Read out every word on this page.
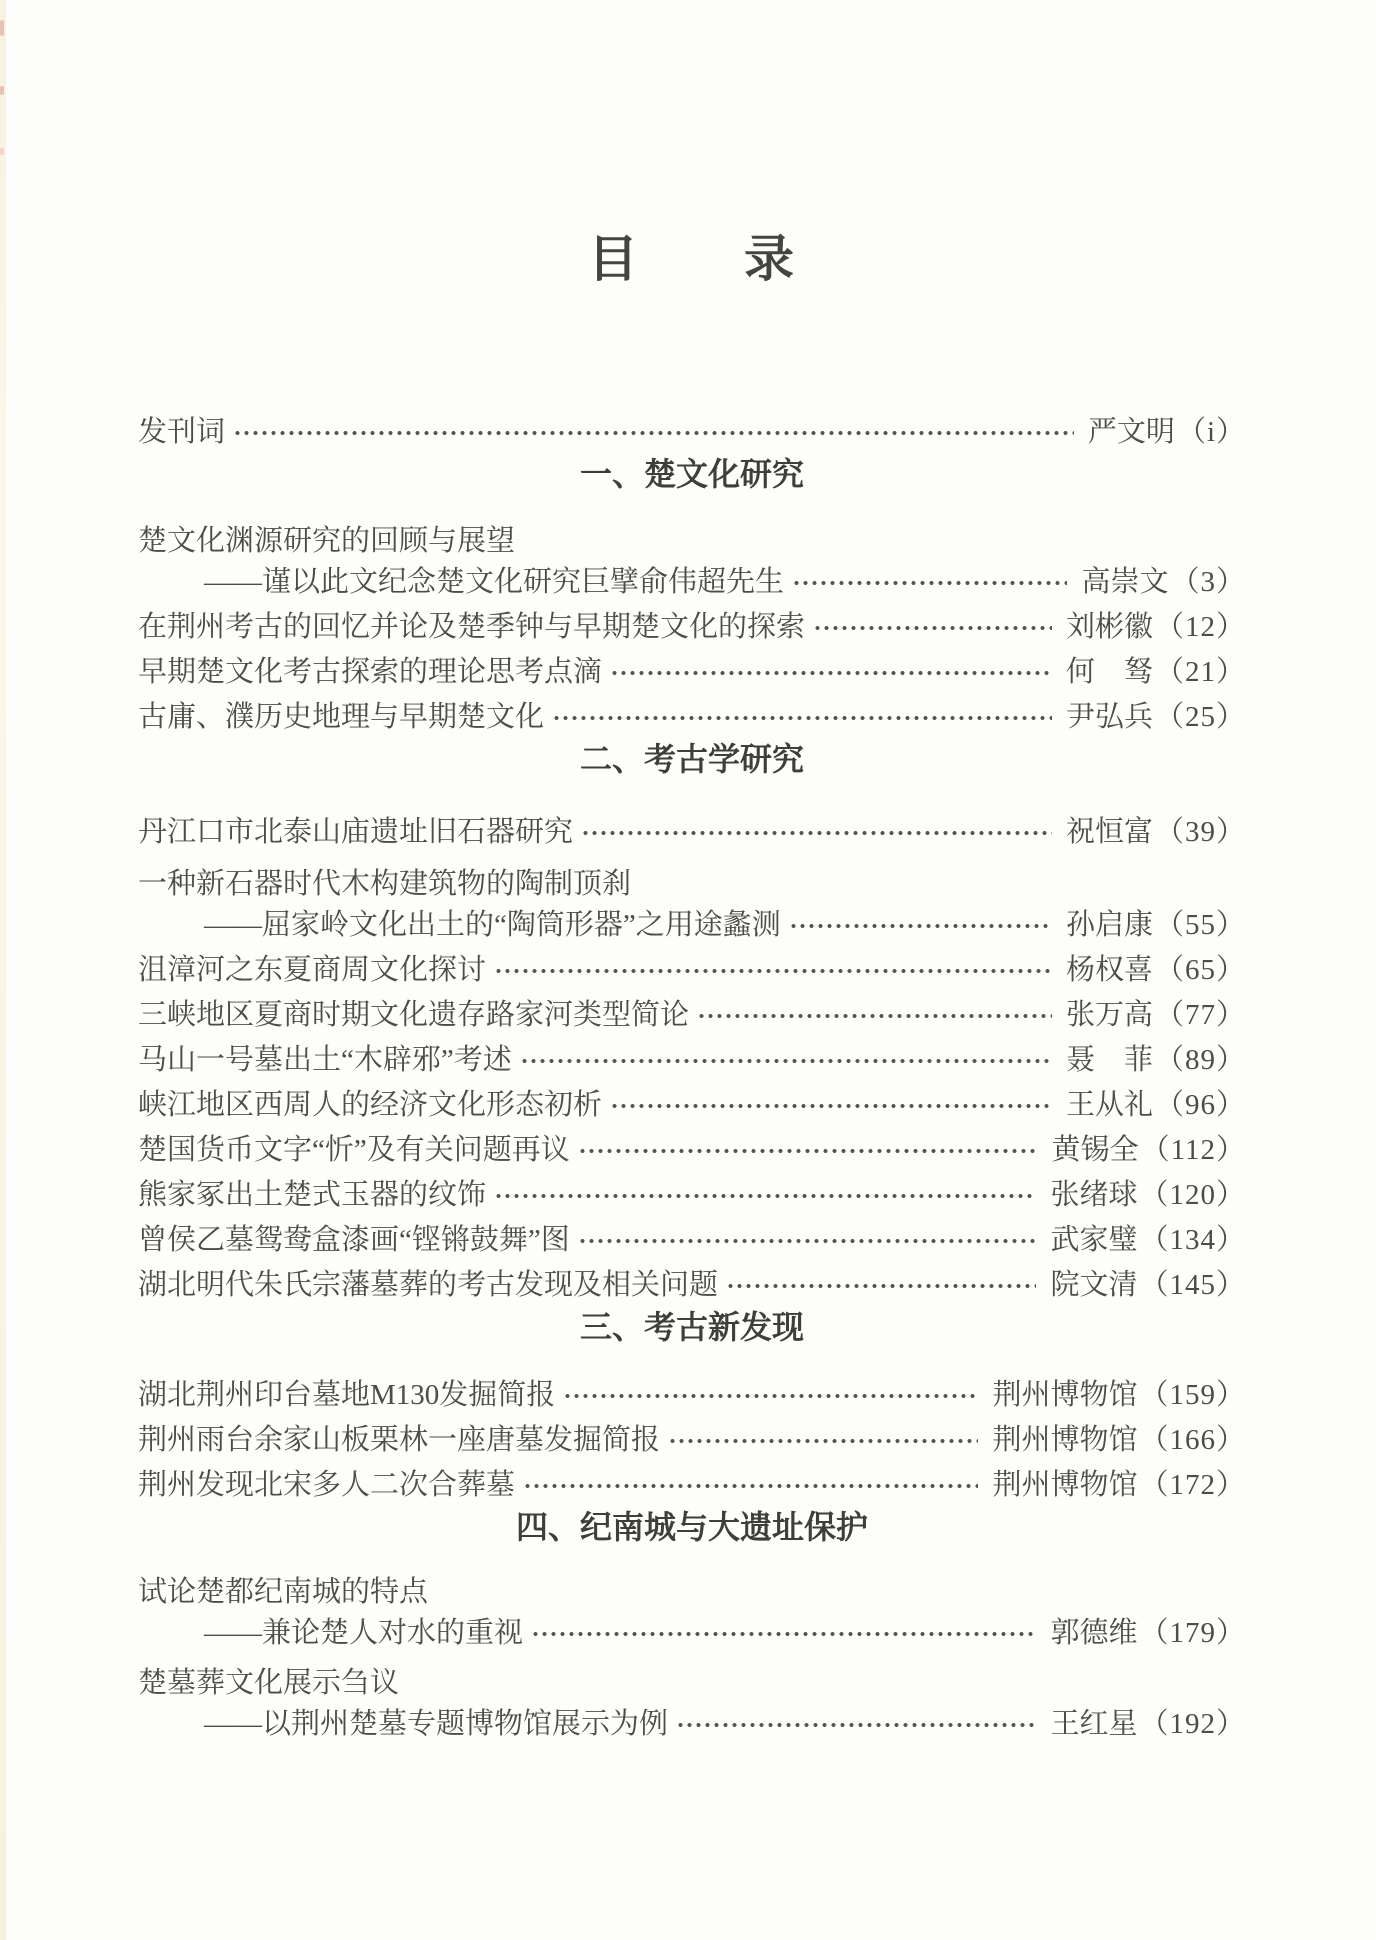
目　　录
发刊词	严文明 （i）
一、楚文化研究
楚文化渊源研究的回顾与展望
——谨以此文纪念楚文化研究巨擘俞伟超先生	高崇文 （3）
在荆州考古的回忆并论及楚季钟与早期楚文化的探索	刘彬徽 （12）
早期楚文化考古探索的理论思考点滴	何　驽 （21）
古庸、濮历史地理与早期楚文化	尹弘兵 （25）
二、考古学研究
丹江口市北泰山庙遗址旧石器研究	祝恒富 （39）
一种新石器时代木构建筑物的陶制顶刹
——屈家岭文化出土的“陶筒形器”之用途蠡测	孙启康 （55）
沮漳河之东夏商周文化探讨	杨权喜 （65）
三峡地区夏商时期文化遗存路家河类型简论	张万高 （77）
马山一号墓出土“木辟邪”考述	聂　菲 （89）
峡江地区西周人的经济文化形态初析	王从礼 （96）
楚国货币文字“忻”及有关问题再议	黄锡全 （112）
熊家冢出土楚式玉器的纹饰	张绪球 （120）
曾侯乙墓鸳鸯盒漆画“铿锵鼓舞”图	武家璧 （134）
湖北明代朱氏宗藩墓葬的考古发现及相关问题	院文清 （145）
三、考古新发现
湖北荆州印台墓地M130发掘简报	荆州博物馆 （159）
荆州雨台余家山板栗林一座唐墓发掘简报	荆州博物馆 （166）
荆州发现北宋多人二次合葬墓	荆州博物馆 （172）
四、纪南城与大遗址保护
试论楚都纪南城的特点
——兼论楚人对水的重视	郭德维 （179）
楚墓葬文化展示刍议
——以荆州楚墓专题博物馆展示为例	王红星 （192）
